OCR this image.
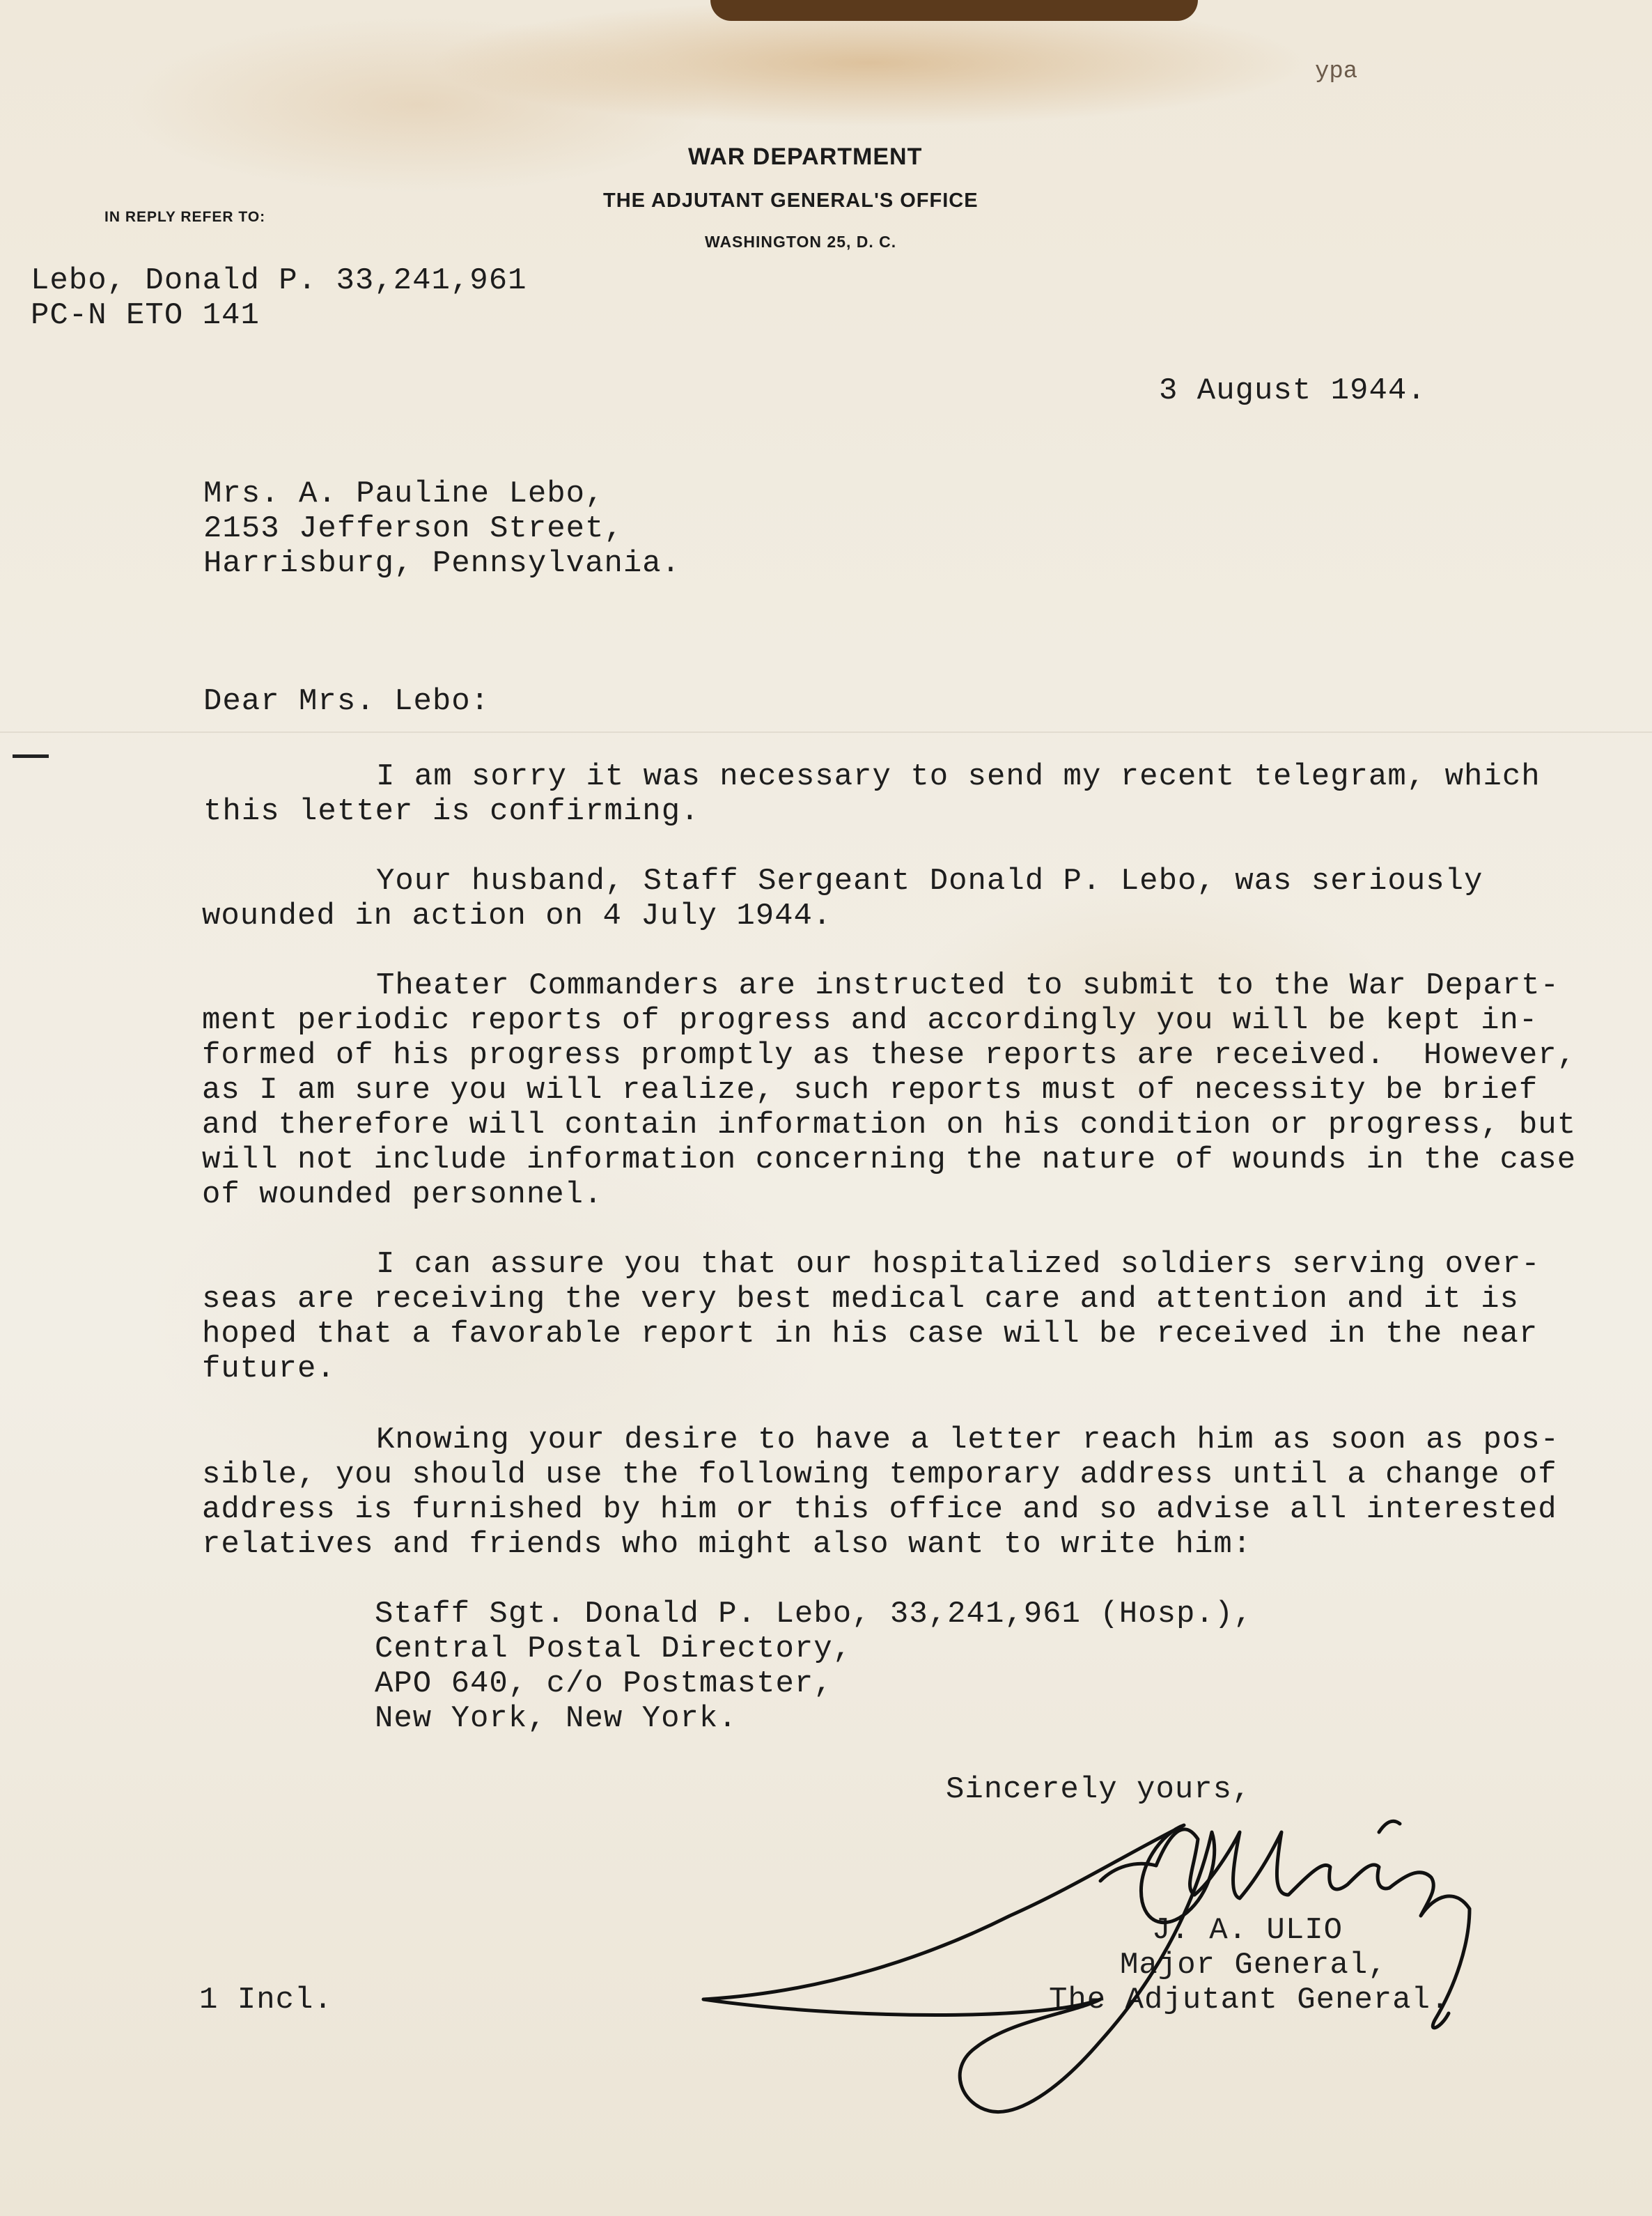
ypa
WAR DEPARTMENT
THE ADJUTANT GENERAL'S OFFICE
WASHINGTON 25, D. C.
IN REPLY REFER TO:
Lebo, Donald P. 33,241,961
PC-N ETO 141
3 August 1944.
Mrs. A. Pauline Lebo,
2153 Jefferson Street,
Harrisburg, Pennsylvania.
Dear Mrs. Lebo:
I am sorry it was necessary to send my recent telegram, which
this letter is confirming.
Your husband, Staff Sergeant Donald P. Lebo, was seriously
wounded in action on 4 July 1944.
Theater Commanders are instructed to submit to the War Depart-
ment periodic reports of progress and accordingly you will be kept in-
formed of his progress promptly as these reports are received.  However,
as I am sure you will realize, such reports must of necessity be brief
and therefore will contain information on his condition or progress, but
will not include information concerning the nature of wounds in the case
of wounded personnel.
I can assure you that our hospitalized soldiers serving over-
seas are receiving the very best medical care and attention and it is
hoped that a favorable report in his case will be received in the near
future.
Knowing your desire to have a letter reach him as soon as pos-
sible, you should use the following temporary address until a change of
address is furnished by him or this office and so advise all interested
relatives and friends who might also want to write him:
Staff Sgt. Donald P. Lebo, 33,241,961 (Hosp.),
Central Postal Directory,
APO 640, c/o Postmaster,
New York, New York.
Sincerely yours,
J. A. ULIO
Major General,
The Adjutant General.
1 Incl.
